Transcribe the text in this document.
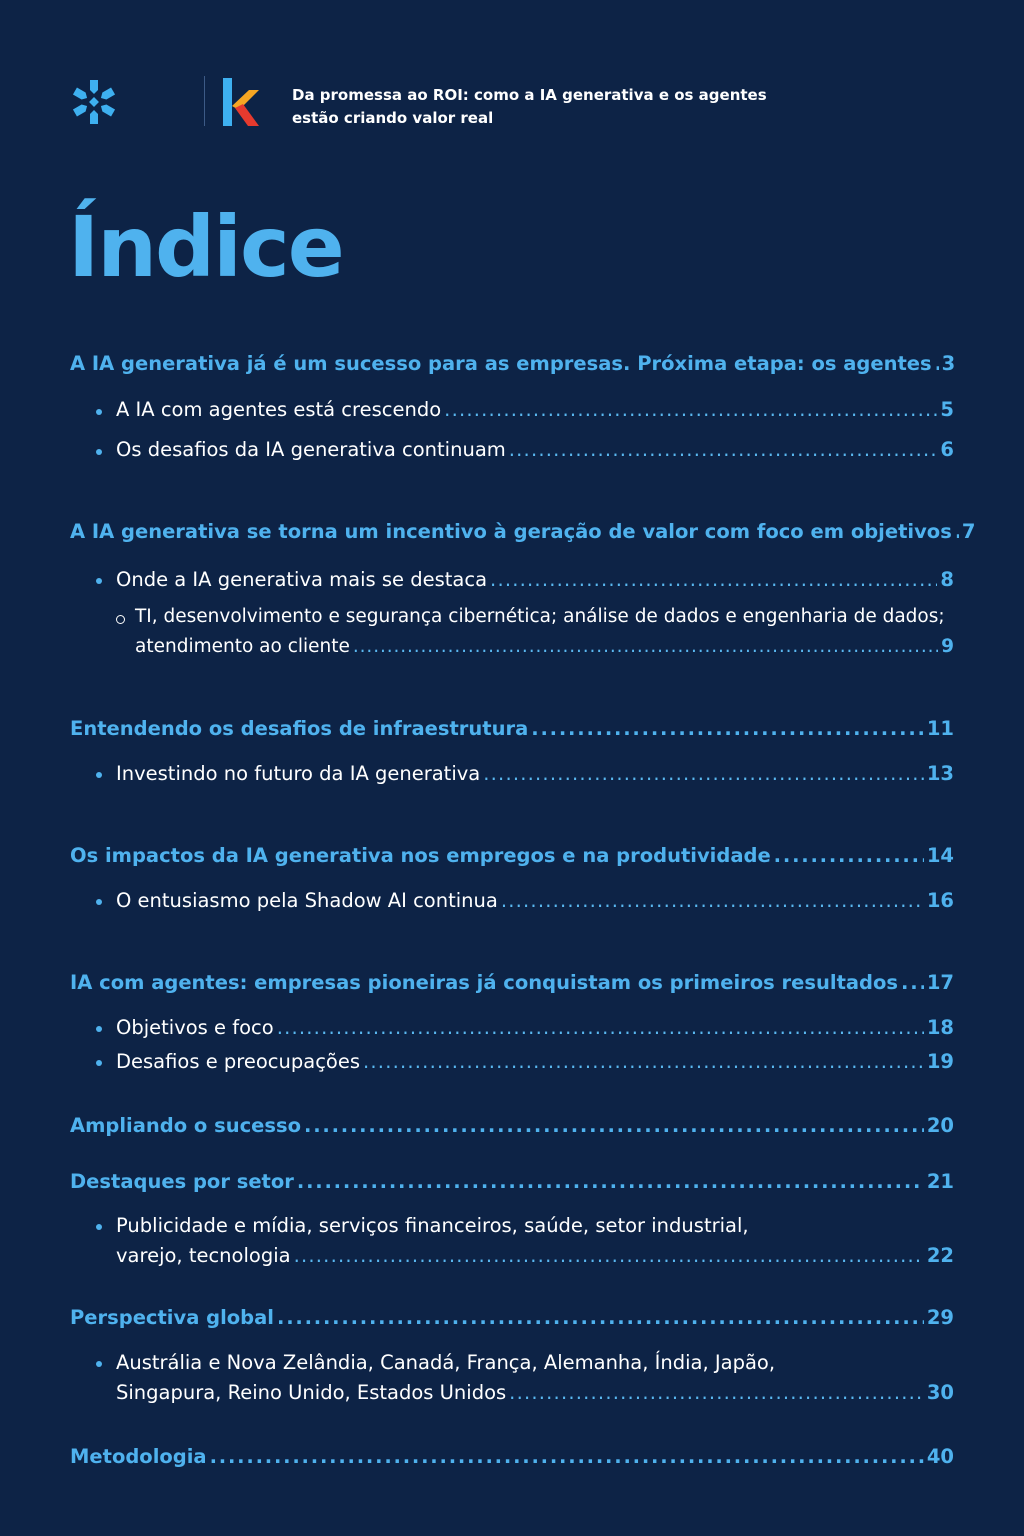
Da promessa ao ROI: como a IA generativa e os agentes
estão criando valor real
Índice
A IA generativa já é um sucesso para as empresas. Próxima etapa: os agentes . . . 3
A IA com agentes está crescendo . . .	5
Os desafios da IA generativa continuam . . .	6
A IA generativa se torna um incentivo à geração de valor com foco em objetivos . . . 7
Onde a IA generativa mais se destaca . . .	8
TI, desenvolvimento e segurança cibernética; análise de dados e engenharia de dados;
atendimento ao cliente . . .	9
Entendendo os desafios de infraestrutura . . .	11
Investindo no futuro da IA generativa . . .	13
Os impactos da IA generativa nos empregos e na produtividade . . .	14
O entusiasmo pela Shadow AI continua . . .	16
IA com agentes: empresas pioneiras já conquistam os primeiros resultados . . . 17
Objetivos e foco . . .	18
Desafios e preocupações . . .	19
Ampliando o sucesso . . .	20
Destaques por setor . . .	21
Publicidade e mídia, serviços financeiros, saúde, setor industrial,
varejo, tecnologia . . .	22
Perspectiva global . . .	29
Austrália e Nova Zelândia, Canadá, França, Alemanha, Índia, Japão,
Singapura, Reino Unido, Estados Unidos . . .	30
Metodologia . . .	40
